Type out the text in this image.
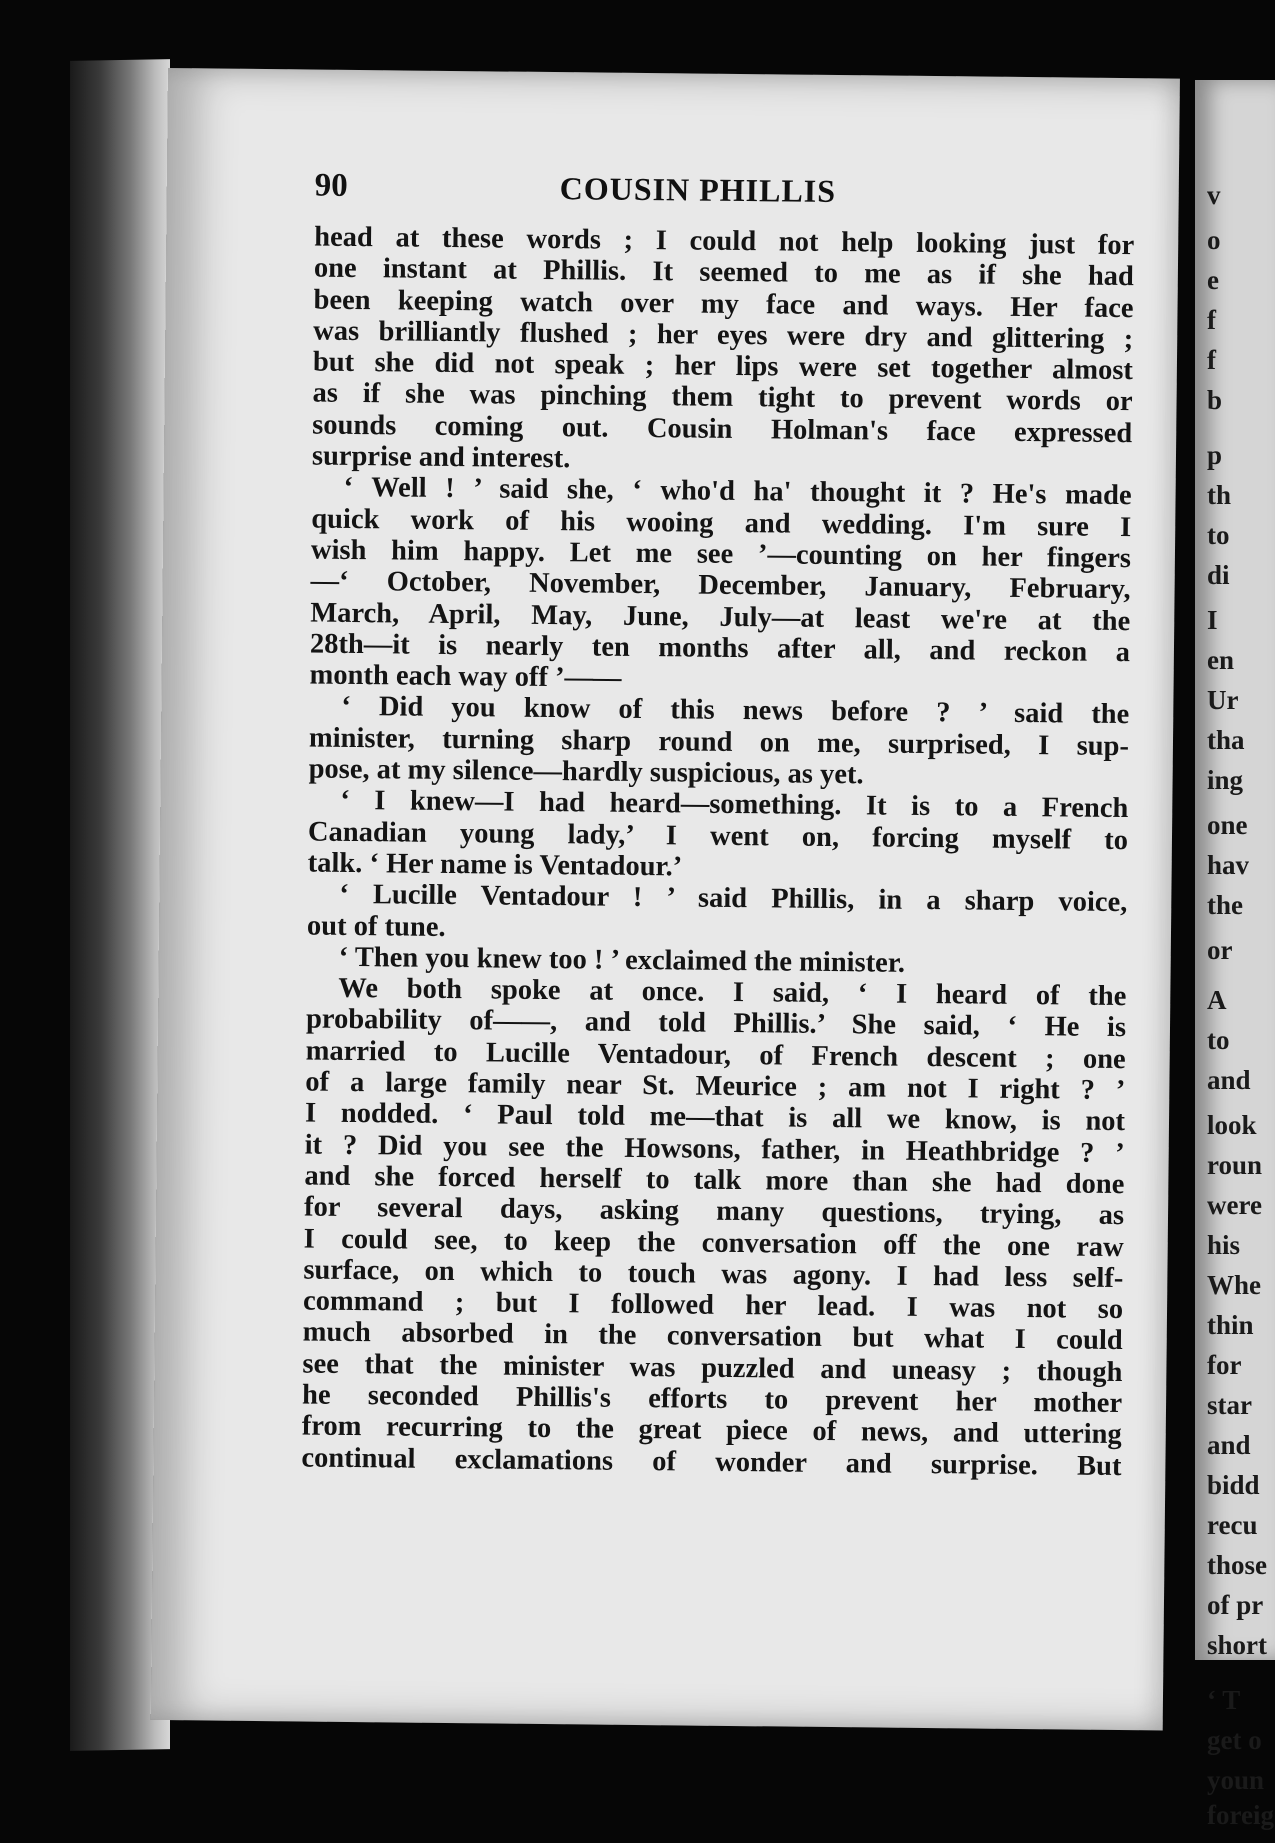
v
o
e
f
f
b
p
th
to
di
I
en
Ur
tha
ing
one
hav
the
or
A
to
and
look
roun
were
his
Whe
thin
for
star
and
bidd
recu
those
of pr
short
‘ T
get o
youn
foreig
90	COUSIN PHILLIS
head at these words ; I could not help looking just for
one instant at Phillis. It seemed to me as if she had
been keeping watch over my face and ways. Her face
was brilliantly flushed ; her eyes were dry and glittering ;
but she did not speak ; her lips were set together almost
as if she was pinching them tight to prevent words or
sounds coming out. Cousin Holman's face expressed
surprise and interest.
‘ Well ! ’ said she, ‘ who'd ha' thought it ? He's made
quick work of his wooing and wedding. I'm sure I
wish him happy. Let me see ’—counting on her fingers
—‘ October, November, December, January, February,
March, April, May, June, July—at least we're at the
28th—it is nearly ten months after all, and reckon a
month each way off ’——
‘ Did you know of this news before ? ’ said the
minister, turning sharp round on me, surprised, I sup-
pose, at my silence—hardly suspicious, as yet.
‘ I knew—I had heard—something. It is to a French
Canadian young lady,’ I went on, forcing myself to
talk. ‘ Her name is Ventadour.’
‘ Lucille Ventadour ! ’ said Phillis, in a sharp voice,
out of tune.
‘ Then you knew too ! ’ exclaimed the minister.
We both spoke at once. I said, ‘ I heard of the
probability of——, and told Phillis.’ She said, ‘ He is
married to Lucille Ventadour, of French descent ; one
of a large family near St. Meurice ; am not I right ? ’
I nodded. ‘ Paul told me—that is all we know, is not
it ? Did you see the Howsons, father, in Heathbridge ? ’
and she forced herself to talk more than she had done
for several days, asking many questions, trying, as
I could see, to keep the conversation off the one raw
surface, on which to touch was agony. I had less self-
command ; but I followed her lead. I was not so
much absorbed in the conversation but what I could
see that the minister was puzzled and uneasy ; though
he seconded Phillis's efforts to prevent her mother
from recurring to the great piece of news, and uttering
continual exclamations of wonder and surprise. But
